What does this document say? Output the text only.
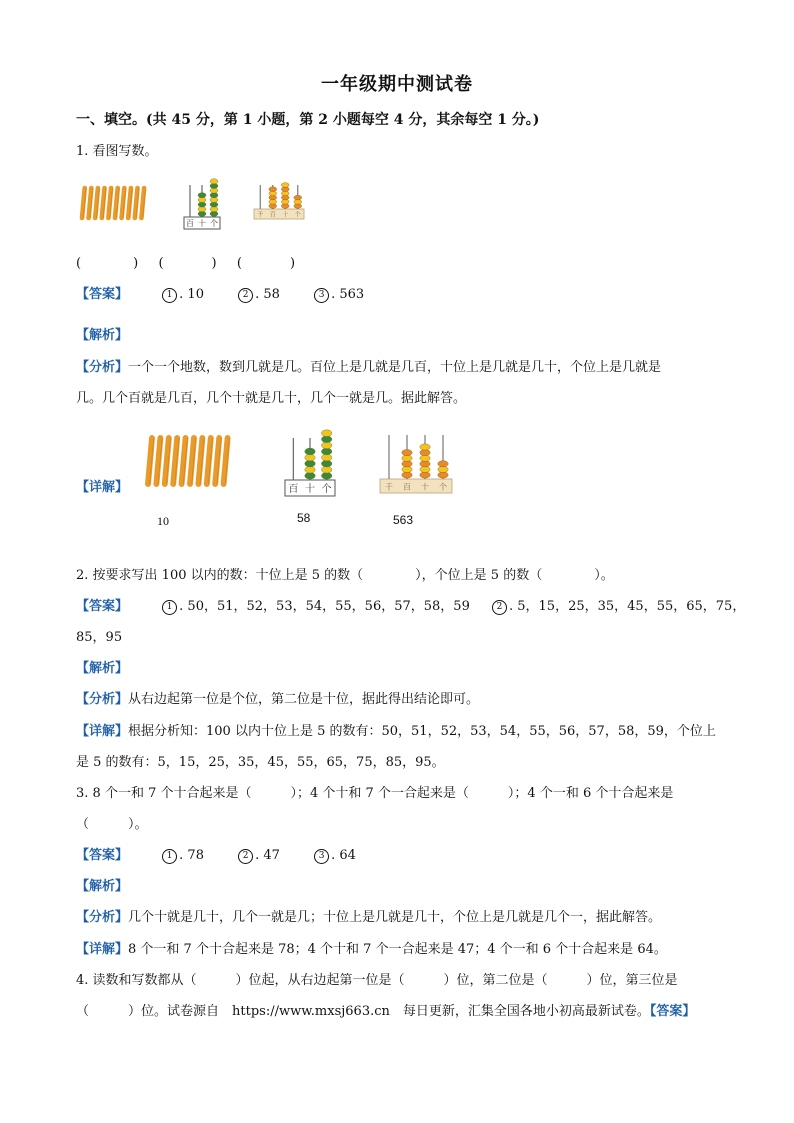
一年级期中测试卷
一、填空。(共 45 分，第 1 小题，第 2 小题每空 4 分，其余每空 1 分。)
1. 看图写数。
百 十 个
千 百 十 个
(	) (	) (	)
【答案】	1 . 10	2 . 58	3 . 563
【解析】
【分析】一个一个地数，数到几就是几。百位上是几就是几百，十位上是几就是几十，个位上是几就是
几。几个百就是几百，几个十就是几十，几个一就是几。据此解答。
【详解】	百 十 个	千 百 十 个
10	58	563
2. 按要求写出 100 以内的数：十位上是 5 的数（	），个位上是 5 的数（	）。
【答案】	1 . 50，51，52，53，54，55，56，57，58，59	2 . 5，15，25，35，45，55，65，75，
85，95
【解析】
【分析】从右边起第一位是个位，第二位是十位，据此得出结论即可。
【详解】根据分析知：100 以内十位上是 5 的数有：50，51，52，53，54，55，56，57，58，59，个位上
是 5 的数有：5，15，25，35，45，55，65，75，85，95。
3. 8 个一和 7 个十合起来是（　　　）；4 个十和 7 个一合起来是（　　　）；4 个一和 6 个十合起来是
（　　　）。
【答案】	1 . 78	2 . 47	3 . 64
【解析】
【分析】几个十就是几十，几个一就是几；十位上是几就是几十，个位上是几就是几个一，据此解答。
【详解】8 个一和 7 个十合起来是 78；4 个十和 7 个一合起来是 47；4 个一和 6 个十合起来是 64。
4. 读数和写数都从（　　　）位起，从右边起第一位是（　　　）位，第二位是（　　　）位，第三位是
（　　　）位。试卷源自　https://www.mxsj663.cn　每日更新，汇集全国各地小初高最新试卷。【答案】
